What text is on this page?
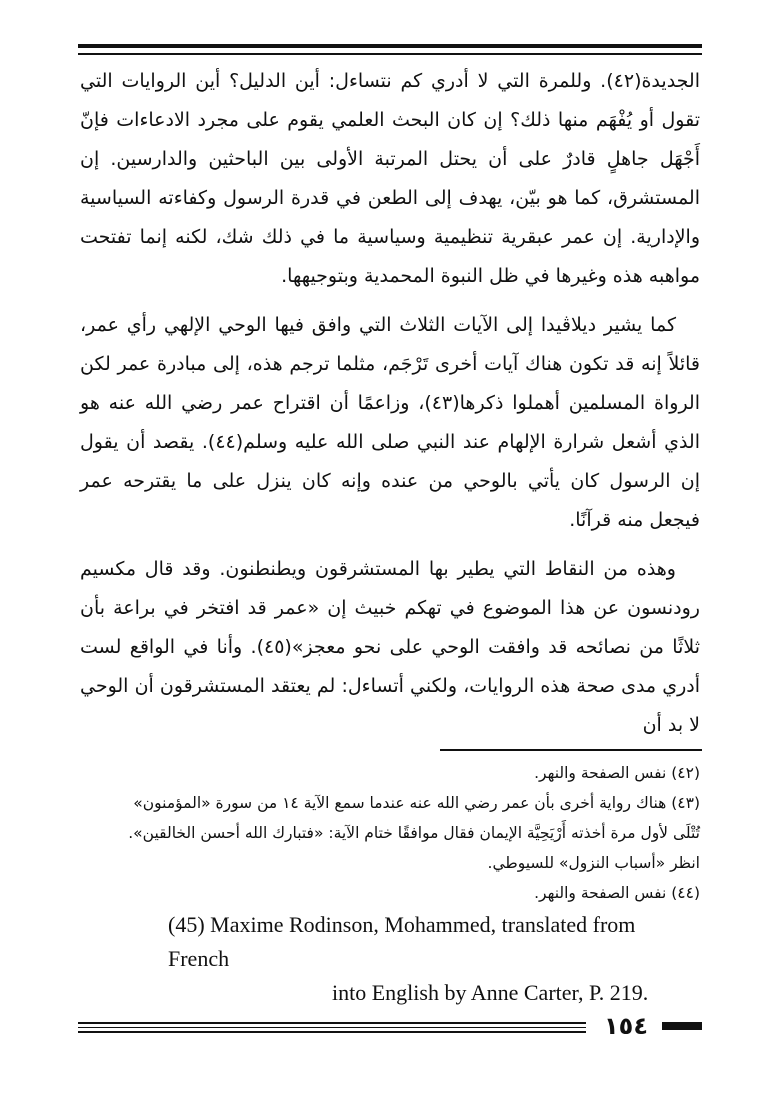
الجديدة(٤٢). وللمرة التي لا أدري كم نتساءل: أين الدليل؟ أين الروايات التي تقول أو يُفْهَم منها ذلك؟ إن كان البحث العلمي يقوم على مجرد الادعاءات فإنّ أَجْهَل جاهلٍ قادرٌ على أن يحتل المرتبة الأولى بين الباحثين والدارسين. إن المستشرق، كما هو بيّن، يهدف إلى الطعن في قدرة الرسول وكفاءته السياسية والإدارية. إن عمر عبقرية تنظيمية وسياسية ما في ذلك شك، لكنه إنما تفتحت مواهبه هذه وغيرها في ظل النبوة المحمدية وبتوجيهها.

كما يشير ديلاڤيدا إلى الآيات الثلاث التي وافق فيها الوحي الإلهي رأي عمر، قائلاً إنه قد تكون هناك آيات أخرى تَرْجَم، مثلما ترجم هذه، إلى مبادرة عمر لكن الرواة المسلمين أهملوا ذكرها(٤٣)، وزاعمًا أن اقتراح عمر رضي الله عنه هو الذي أشعل شرارة الإلهام عند النبي صلى الله عليه وسلم(٤٤). يقصد أن يقول إن الرسول كان يأتي بالوحي من عنده وإنه كان ينزل على ما يقترحه عمر فيجعل منه قرآنًا.

وهذه من النقاط التي يطير بها المستشرقون ويطنطنون. وقد قال مكسيم رودنسون عن هذا الموضوع في تهكم خبيث إن «عمر قد افتخر في براعة بأن ثلاثًا من نصائحه قد وافقت الوحي على نحو معجز»(٤٥). وأنا في الواقع لست أدري مدى صحة هذه الروايات، ولكني أتساءل: لم يعتقد المستشرقون أن الوحي لا بد أن

(٤٢) نفس الصفحة والنهر.

(٤٣) هناك رواية أخرى بأن عمر رضي الله عنه عندما سمع الآية ١٤ من سورة «المؤمنون»

تُتْلَى لأول مرة أخذته أَرْيَحِيَّة الإيمان فقال موافقًا ختام الآية: «فتبارك الله أحسن الخالقين».

انظر «أسباب النزول» للسيوطي.

(٤٤) نفس الصفحة والنهر.

(45) Maxime Rodinson, Mohammed, translated from French
into English by Anne Carter, P. 219.

١٥٤
